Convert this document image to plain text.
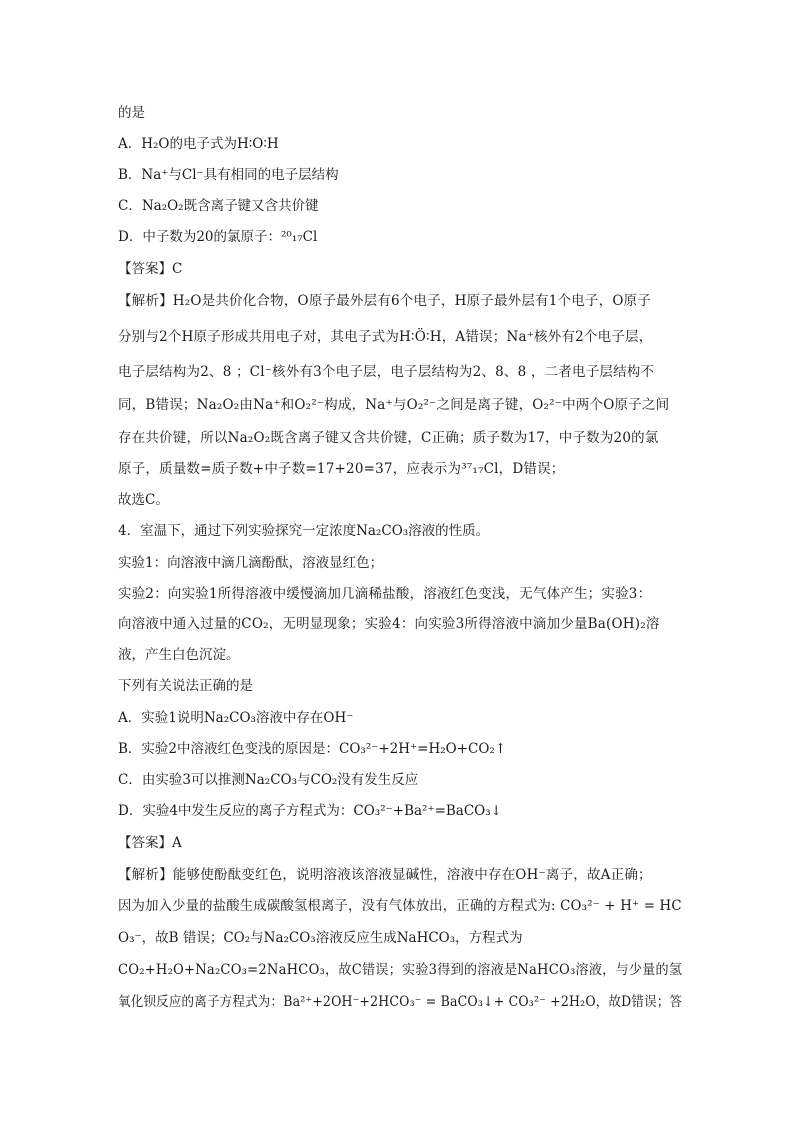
的是
A．H₂O的电子式为H∶O∶H
B．Na⁺与Cl⁻具有相同的电子层结构
C．Na₂O₂既含离子键又含共价键
D．中子数为20的氯原子：²⁰₁₇Cl
【答案】C
【解析】H₂O是共价化合物，O原子最外层有6个电子，H原子最外层有1个电子，O原子
分别与2个H原子形成共用电子对，其电子式为H∶Ö∶H，A错误；Na⁺核外有2个电子层，
电子层结构为2、8 ；Cl⁻核外有3个电子层，电子层结构为2、8、8 ，二者电子层结构不
同，B错误；Na₂O₂由Na⁺和O₂²⁻构成，Na⁺与O₂²⁻之间是离子键，O₂²⁻中两个O原子之间
存在共价键，所以Na₂O₂既含离子键又含共价键，C正确；质子数为17，中子数为20的氯
原子，质量数=质子数+中子数=17+20=37，应表示为³⁷₁₇Cl，D错误；
故选C。
4．室温下，通过下列实验探究一定浓度Na₂CO₃溶液的性质。
实验1：向溶液中滴几滴酚酞，溶液显红色；
实验2：向实验1所得溶液中缓慢滴加几滴稀盐酸，溶液红色变浅，无气体产生；实验3：
向溶液中通入过量的CO₂，无明显现象；实验4：向实验3所得溶液中滴加少量Ba(OH)₂溶
液，产生白色沉淀。
下列有关说法正确的是
A．实验1说明Na₂CO₃溶液中存在OH⁻
B．实验2中溶液红色变浅的原因是：CO₃²⁻+2H⁺=H₂O+CO₂↑
C．由实验3可以推测Na₂CO₃与CO₂没有发生反应
D．实验4中发生反应的离子方程式为：CO₃²⁻+Ba²⁺=BaCO₃↓
【答案】A
【解析】能够使酚酞变红色，说明溶液该溶液显碱性，溶液中存在OH⁻离子，故A正确；
因为加入少量的盐酸生成碳酸氢根离子，没有气体放出，正确的方程式为: CO₃²⁻ + H⁺ = HC
O₃⁻，故B 错误；CO₂与Na₂CO₃溶液反应生成NaHCO₃，方程式为
CO₂+H₂O+Na₂CO₃=2NaHCO₃，故C错误；实验3得到的溶液是NaHCO₃溶液，与少量的氢
氧化钡反应的离子方程式为：Ba²⁺+2OH⁻+2HCO₃⁻ = BaCO₃↓+ CO₃²⁻ +2H₂O，故D错误；答
